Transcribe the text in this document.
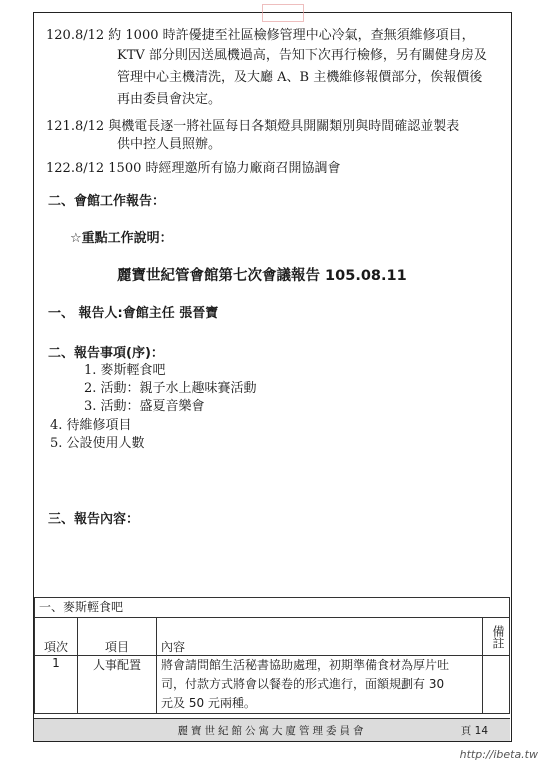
120.8/12 約 1000 時許優捷至社區檢修管理中心冷氣，查無須維修項目，
KTV 部分則因送風機過高，告知下次再行檢修，另有關健身房及
管理中心主機清洗，及大廳 A、B 主機維修報價部分，俟報價後
再由委員會決定。
121.8/12 與機電長逐一將社區每日各類燈具開關類別與時間確認並製表
供中控人員照辦。
122.8/12 1500 時經理邀所有協力廠商召開協調會
二、會館工作報告：
☆重點工作說明：
麗寶世紀管會館第七次會議報告 105.08.11
一、 報告人:會館主任 張晉寶
二、報告事項(序)：
1. 麥斯輕食吧
2. 活動：親子水上趣味賽活動
3. 活動：盛夏音樂會
4. 待維修項目
5. 公設使用人數
三、報告內容：
一、麥斯輕食吧			
項次	項目	內容	備註
1	人事配置	將會請問館生活秘書協助處理，初期準備食材為厚片吐
司，付款方式將會以餐卷的形式進行，面額規劃有 30
元及 50 元兩種。	

麗寶世紀館公寓大廈管理委員會	頁 14
http://ibeta.tw
